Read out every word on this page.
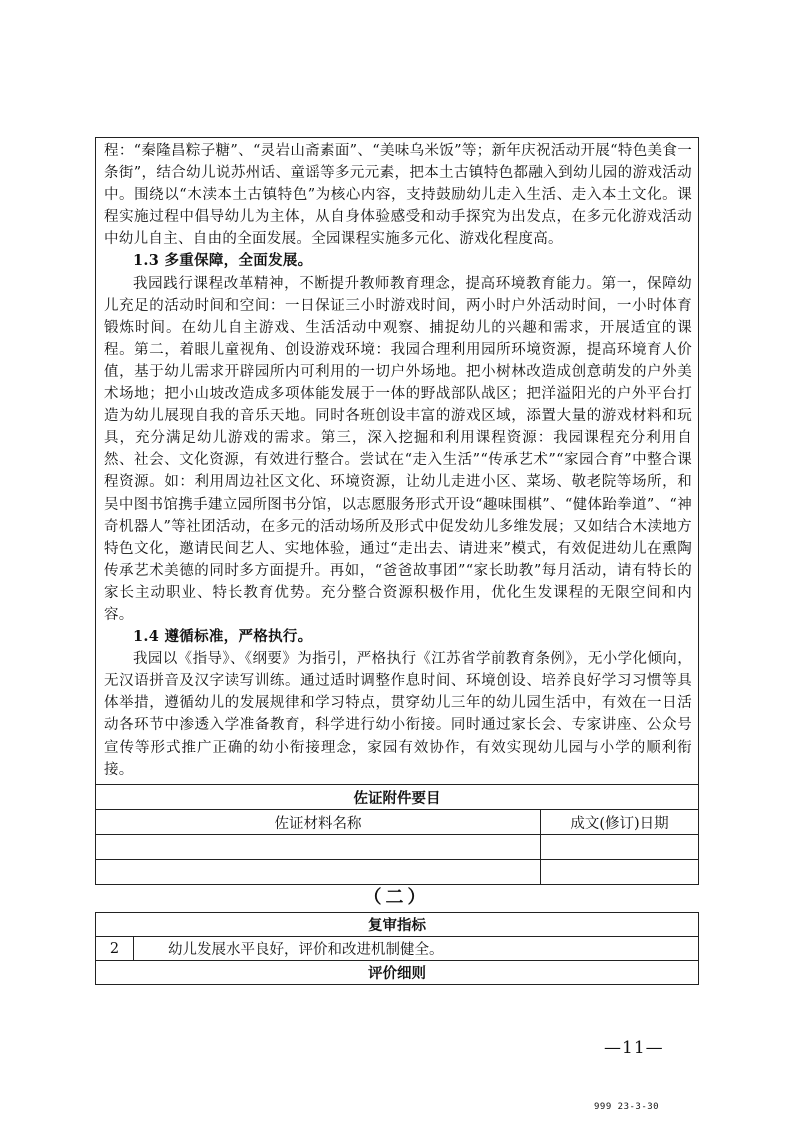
程：“秦隆昌粽子糖”、“灵岩山斋素面”、“美味乌米饭”等；新年庆祝活动开展“特色美食一条街”，结合幼儿说苏州话、童谣等多元元素，把本土古镇特色都融入到幼儿园的游戏活动中。围绕以“木渎本土古镇特色”为核心内容，支持鼓励幼儿走入生活、走入本土文化。课程实施过程中倡导幼儿为主体，从自身体验感受和动手探究为出发点，在多元化游戏活动中幼儿自主、自由的全面发展。全园课程实施多元化、游戏化程度高。

1.3 多重保障，全面发展。

我园践行课程改革精神，不断提升教师教育理念，提高环境教育能力。第一，保障幼儿充足的活动时间和空间：一日保证三小时游戏时间，两小时户外活动时间，一小时体育锻炼时间。在幼儿自主游戏、生活活动中观察、捕捉幼儿的兴趣和需求，开展适宜的课程。第二，着眼儿童视角、创设游戏环境：我园合理利用园所环境资源，提高环境育人价值，基于幼儿需求开辟园所内可利用的一切户外场地。把小树林改造成创意萌发的户外美术场地；把小山坡改造成多项体能发展于一体的野战部队战区；把洋溢阳光的户外平台打造为幼儿展现自我的音乐天地。同时各班创设丰富的游戏区域，添置大量的游戏材料和玩具，充分满足幼儿游戏的需求。第三，深入挖掘和利用课程资源：我园课程充分利用自然、社会、文化资源，有效进行整合。尝试在“走入生活”“传承艺术”“家园合育”中整合课程资源。如：利用周边社区文化、环境资源，让幼儿走进小区、菜场、敬老院等场所，和吴中图书馆携手建立园所图书分馆，以志愿服务形式开设“趣味围棋”、“健体跆拳道”、“神奇机器人”等社团活动，在多元的活动场所及形式中促发幼儿多维发展；又如结合木渎地方特色文化，邀请民间艺人、实地体验，通过“走出去、请进来”模式，有效促进幼儿在熏陶传承艺术美德的同时多方面提升。再如，“爸爸故事团”“家长助教”每月活动，请有特长的家长主动职业、特长教育优势。充分整合资源积极作用，优化生发课程的无限空间和内容。

1.4 遵循标准，严格执行。

我园以《指导》、《纲要》为指引，严格执行《江苏省学前教育条例》，无小学化倾向，无汉语拼音及汉字读写训练。通过适时调整作息时间、环境创设、培养良好学习习惯等具体举措，遵循幼儿的发展规律和学习特点，贯穿幼儿三年的幼儿园生活中，有效在一日活动各环节中渗透入学准备教育，科学进行幼小衔接。同时通过家长会、专家讲座、公众号宣传等形式推广正确的幼小衔接理念，家园有效协作，有效实现幼儿园与小学的顺利衔接。

佐证附件要目	
佐证材料名称	成文(修订)日期

（二）
复审指标
2	幼儿发展水平良好，评价和改进机制健全。
评价细则
—11—
999 23-3-30
